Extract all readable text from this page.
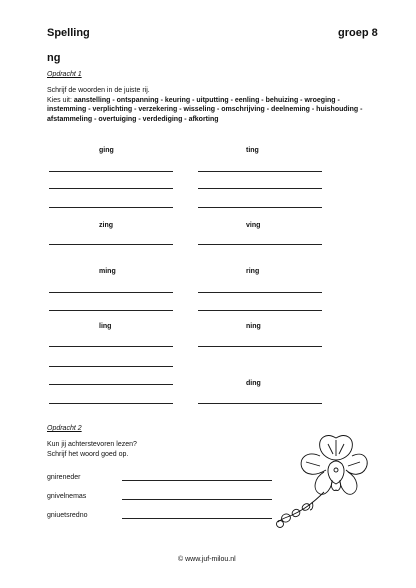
Spelling	groep 8
ng
Opdracht 1
Schrijf de woorden in de juiste rij.
Kies uit: aanstelling - ontspanning - keuring - uitputting - eenling - behuizing - wroeging -
instemming - verplichting - verzekering - wisseling - omschrijving - deelneming - huishouding -
afstammeling - overtuiging - verdediging - afkorting
ging
zing
ming
ling
ting
ving
ring
ning
ding
Opdracht 2
Kun jij achterstevoren lezen?
Schrijf het woord goed op.
gnireneder
gnivelnemas
gniuetsredno
© www.juf-milou.nl
